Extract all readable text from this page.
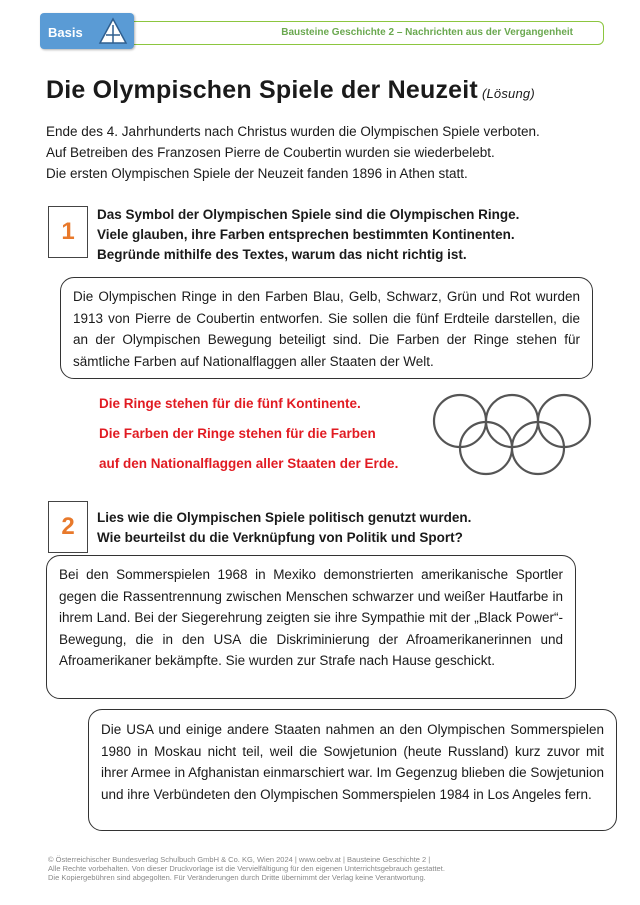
Bausteine Geschichte 2 – Nachrichten aus der Vergangenheit
Basis
Die Olympischen Spiele der Neuzeit (Lösung)

Ende des 4. Jahrhunderts nach Christus wurden die Olympischen Spiele verboten.

Auf Betreiben des Franzosen Pierre de Coubertin wurden sie wiederbelebt.

Die ersten Olympischen Spiele der Neuzeit fanden 1896 in Athen statt.

1

Das Symbol der Olympischen Spiele sind die Olympischen Ringe.

Viele glauben, ihre Farben entsprechen bestimmten Kontinenten.

Begründe mithilfe des Textes, warum das nicht richtig ist.

Die Olympischen Ringe in den Farben Blau, Gelb, Schwarz, Grün und Rot wurden 1913 von Pierre de Coubertin entworfen. Sie sollen die fünf Erdteile darstellen, die an der Olympischen Bewegung beteiligt sind. Die Farben der Ringe stehen für sämtliche Farben auf Nationalflaggen aller Staaten der Welt.

Die Ringe stehen für die fünf Kontinente.
Die Farben der Ringe stehen für die Farben
auf den Nationalflaggen aller Staaten der Erde.
2	Lies wie die Olympischen Spiele politisch genutzt wurden.

Wie beurteilst du die Verknüpfung von Politik und Sport?

Bei den Sommerspielen 1968 in Mexiko demonstrierten amerikanische Sportler gegen die Rassentrennung zwischen Menschen schwarzer und weißer Hautfarbe in ihrem Land. Bei der Siegerehrung zeigten sie ihre Sympathie mit der „Black Power“-Bewegung, die in den USA die Diskriminierung der Afroamerikanerinnen und Afroamerikaner bekämpfte. Sie wurden zur Strafe nach Hause geschickt.

Die USA und einige andere Staaten nahmen an den Olympischen Sommerspielen 1980 in Moskau nicht teil, weil die Sowjetunion (heute Russland) kurz zuvor mit ihrer Armee in Afghanistan einmarschiert war. Im Gegenzug blieben die Sowjetunion und ihre Verbündeten den Olympischen Sommerspielen 1984 in Los Angeles fern.

© Österreichischer Bundesverlag Schulbuch GmbH & Co. KG, Wien 2024 | www.oebv.at | Bausteine Geschichte 2 |

Alle Rechte vorbehalten. Von dieser Druckvorlage ist die Vervielfältigung für den eigenen Unterrichtsgebrauch gestattet.

Die Kopiergebühren sind abgegolten. Für Veränderungen durch Dritte übernimmt der Verlag keine Verantwortung.
